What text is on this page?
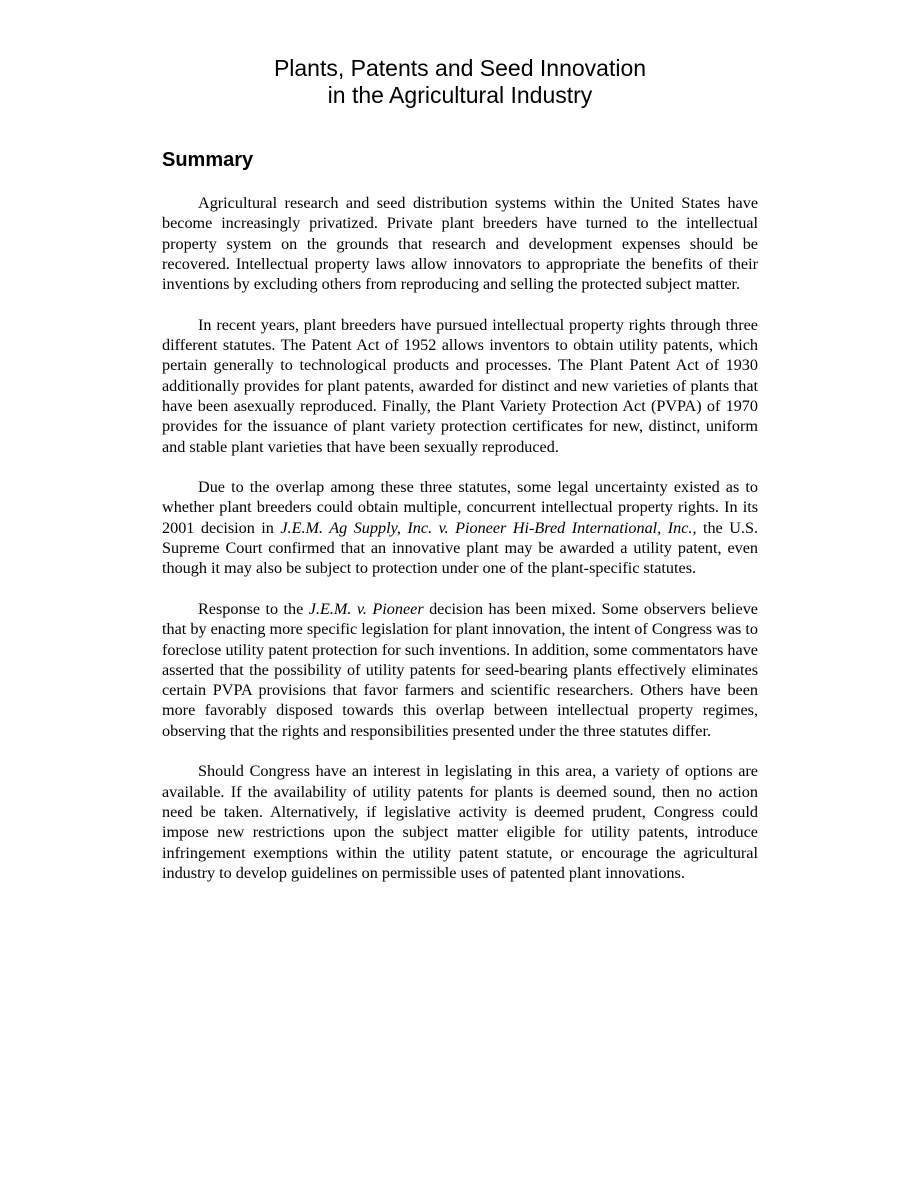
Plants, Patents and Seed Innovation
in the Agricultural Industry
Summary

Agricultural research and seed distribution systems within the United States have become increasingly privatized. Private plant breeders have turned to the intellectual property system on the grounds that research and development expenses should be recovered. Intellectual property laws allow innovators to appropriate the benefits of their inventions by excluding others from reproducing and selling the protected subject matter.

In recent years, plant breeders have pursued intellectual property rights through three different statutes. The Patent Act of 1952 allows inventors to obtain utility patents, which pertain generally to technological products and processes. The Plant Patent Act of 1930 additionally provides for plant patents, awarded for distinct and new varieties of plants that have been asexually reproduced. Finally, the Plant Variety Protection Act (PVPA) of 1970 provides for the issuance of plant variety protection certificates for new, distinct, uniform and stable plant varieties that have been sexually reproduced.

Due to the overlap among these three statutes, some legal uncertainty existed as to whether plant breeders could obtain multiple, concurrent intellectual property rights. In its 2001 decision in J.E.M. Ag Supply, Inc. v. Pioneer Hi-Bred International, Inc., the U.S. Supreme Court confirmed that an innovative plant may be awarded a utility patent, even though it may also be subject to protection under one of the plant-specific statutes.

Response to the J.E.M. v. Pioneer decision has been mixed. Some observers believe that by enacting more specific legislation for plant innovation, the intent of Congress was to foreclose utility patent protection for such inventions. In addition, some commentators have asserted that the possibility of utility patents for seed-bearing plants effectively eliminates certain PVPA provisions that favor farmers and scientific researchers. Others have been more favorably disposed towards this overlap between intellectual property regimes, observing that the rights and responsibilities presented under the three statutes differ.

Should Congress have an interest in legislating in this area, a variety of options are available. If the availability of utility patents for plants is deemed sound, then no action need be taken. Alternatively, if legislative activity is deemed prudent, Congress could impose new restrictions upon the subject matter eligible for utility patents, introduce infringement exemptions within the utility patent statute, or encourage the agricultural industry to develop guidelines on permissible uses of patented plant innovations.
